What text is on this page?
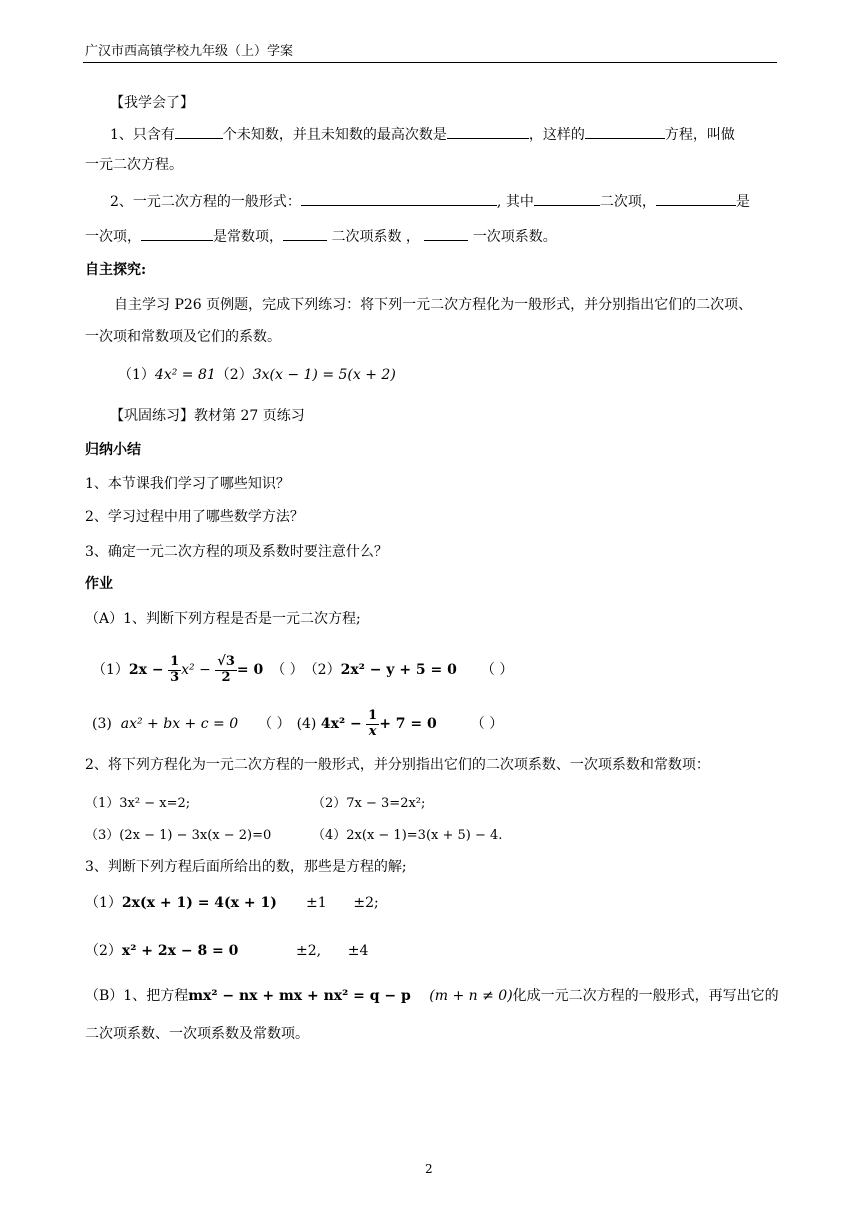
广汉市西高镇学校九年级（上）学案
【我学会了】
1、只含有	个未知数，并且未知数的最高次数是	，这样的	方程，叫做
一元二次方程。
2、一元二次方程的一般形式：	, 其中	二次项，	是
一次项，	是常数项，	二次项系数 ，	一次项系数。
自主探究:
自主学习 P26 页例题，完成下列练习：将下列一元二次方程化为一般形式，并分别指出它们的二次项、
一次项和常数项及它们的系数。
（1）4x² = 81（2）3x(x − 1) = 5(x + 2)
【巩固练习】教材第 27 页练习
归纳小结
1、本节课我们学习了哪些知识？
2、学习过程中用了哪些数学方法？
3、确定一元二次方程的项及系数时要注意什么？
作业
（A）1、判断下列方程是否是一元二次方程;
（1） 2x −
$\frac{1}{3} x^2$ −
$\frac{√3}{2} = 0$ （ ） （2） 2x² − y + 5 = 0 （ ）
(3)
ax² + bx + c = 0 （ ） (4)
4x² −
$\frac{1}{x} + 7 = 0$ （ ）
2、将下列方程化为一元二次方程的一般形式，并分别指出它们的二次项系数、一次项系数和常数项：
（1）3x² − x=2;	（2）7x − 3=2x²;
（3）(2x − 1) − 3x(x − 2)=0	（4）2x(x − 1)=3(x + 5) − 4.
3、判断下列方程后面所给出的数，那些是方程的解;
（1）2x(x + 1) = 4(x + 1) ±1      ±2;
（2）x² + 2x − 8 = 0	±2,      ±4
（B）1、把方程mx² − nx + mx + nx² = q − p (m + n ≠ 0)化成一元二次方程的一般形式，再写出它的
二次项系数、一次项系数及常数项。
2
